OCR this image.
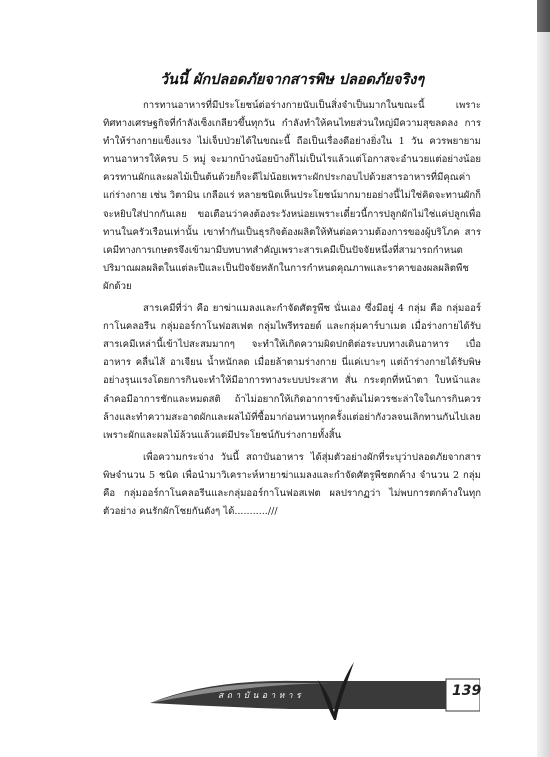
วันนี้ ผักปลอดภัยจากสารพิษ ปลอดภัยจริงๆ

การทานอาหารที่มีประโยชน์ต่อร่างกายนับเป็นสิ่งจำเป็นมากในขณะนี้ เพราะทิศทางเศรษฐกิจที่กำลังเซ็งเกลียวขึ้นทุกวัน กำลังทำให้คนไทยส่วนใหญ่มีความสุขลดลง การทำให้ร่างกายแข็งแรง ไม่เจ็บป่วยได้ในขณะนี้ ถือเป็นเรื่องดีอย่างยิ่งใน 1 วัน ควรพยายามทานอาหารให้ครบ 5 หมู่ จะมากบ้างน้อยบ้างก็ไม่เป็นไรแล้วแต่โอกาสจะอำนวยแต่อย่างน้อย ควรทานผักและผลไม้เป็นต้นด้วยก็จะดีไม่น้อยเพราะผักประกอบไปด้วยสารอาหารที่มีคุณค่าแก่ร่างกาย เช่น วิตามิน เกลือแร่ หลายชนิดเห็นประโยชน์มากมายอย่างนี้ไม่ใช่คิดจะทานผักก็จะหยิบใส่ปากกันเลย ขอเตือนว่าคงต้องระวังหน่อยเพราะเดี๋ยวนี้การปลูกผักไม่ใช่แค่ปลูกเพื่อทานในครัวเรือนเท่านั้น เขาทำกันเป็นธุรกิจต้องผลิตให้ทันต่อความต้องการของผู้บริโภค สารเคมีทางการเกษตรจึงเข้ามามีบทบาทสำคัญเพราะสารเคมีเป็นปัจจัยหนึ่งที่สามารถกำหนดปริมาณผลผลิตในแต่ละปีและเป็นปัจจัยหลักในการกำหนดคุณภาพและราคาของผลผลิตพืช ผักด้วย

สารเคมีที่ว่า คือ ยาฆ่าแมลงและกำจัดศัตรูพืช นั่นเอง ซึ่งมีอยู่ 4 กลุ่ม คือ กลุ่มออร์กาโนคลอรีน กลุ่มออร์กาโนฟอสเฟต กลุ่มไพรีทรอยด์ และกลุ่มคาร์บาเมต เมื่อร่างกายได้รับสารเคมีเหล่านี้เข้าไปสะสมมากๆ จะทำให้เกิดความผิดปกติต่อระบบทางเดินอาหาร เบื่ออาหาร คลื่นไส้ อาเจียน น้ำหนักลด เมื่อยล้าตามร่างกาย นี่แค่เบาะๆ แต่ถ้าร่างกายได้รับพิษอย่างรุนแรงโดยการกินจะทำให้มีอาการทางระบบประสาท สั่น กระตุกที่หน้าตา ใบหน้าและลำคอมีอาการชักและหมดสติ ถ้าไม่อยากให้เกิดอาการข้างต้นไม่ควรชะล่าใจในการกินควรล้างและทำความสะอาดผักและผลไม้ที่ซื้อมาก่อนทานทุกครั้งแต่อย่ากังวลจนเลิกทานกันไปเลย เพราะผักและผลไม้ล้วนแล้วแต่มีประโยชน์กับร่างกายทั้งสิ้น

เพื่อความกระจ่าง วันนี้ สถาบันอาหาร ได้สุ่มตัวอย่างผักที่ระบุว่าปลอดภัยจากสารพิษจำนวน 5 ชนิด เพื่อนำมาวิเคราะห์หายาฆ่าแมลงและกำจัดศัตรูพืชตกค้าง จำนวน 2 กลุ่ม คือ กลุ่มออร์กาโนคลอรีนและกลุ่มออร์กาโนฟอสเฟต ผลปรากฏว่า ไม่พบการตกค้างในทุกตัวอย่าง คนรักผักโชยกันดังๆ ได้...........///

สถาบันอาหาร	139
